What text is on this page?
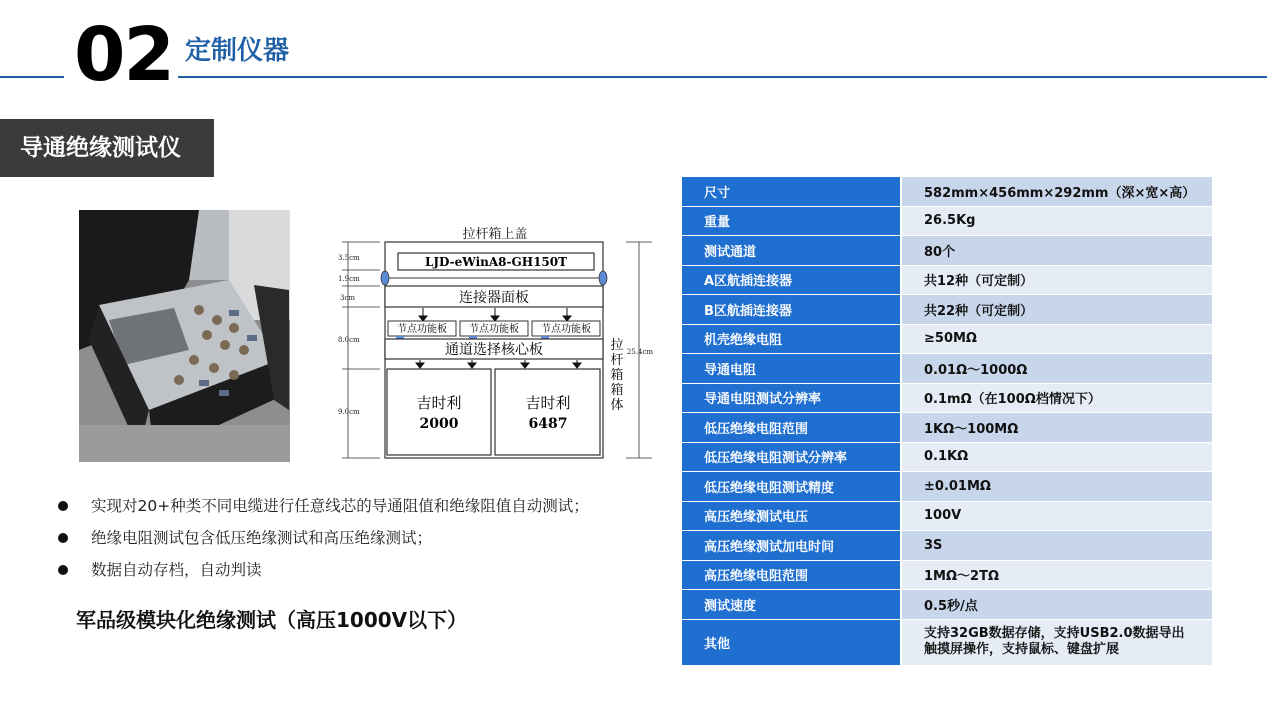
02 定制仪器
导通绝缘测试仪
拉杆箱上盖
LJD-eWinA8-GH150T
连接器面板
节点功能板 节点功能板 节点功能板
通道选择核心板
吉时利
2000
吉时利
6487
拉
杆
箱
箱
体
25.4cm
3.5cm
1.9cm
3cm
8.0cm
9.0cm
实现对20+种类不同电缆进行任意线芯的导通阻值和绝缘阻值自动测试；
绝缘电阻测试包含低压绝缘测试和高压绝缘测试；
数据自动存档，自动判读
军品级模块化绝缘测试（高压1000V以下）
尺寸	582mm×456mm×292mm（深×宽×高）
重量	26.5Kg
测试通道	80个
A区航插连接器	共12种（可定制）
B区航插连接器	共22种（可定制）
机壳绝缘电阻	≥50MΩ
导通电阻	0.01Ω～1000Ω
导通电阻测试分辨率	0.1mΩ（在100Ω档情况下）
低压绝缘电阻范围	1KΩ～100MΩ
低压绝缘电阻测试分辨率	0.1KΩ
低压绝缘电阻测试精度	±0.01MΩ
高压绝缘测试电压	100V
高压绝缘测试加电时间	3S
高压绝缘电阻范围	1MΩ～2TΩ
测试速度	0.5秒/点
其他	支持32GB数据存储，支持USB2.0数据导出
触摸屏操作，支持鼠标、键盘扩展
